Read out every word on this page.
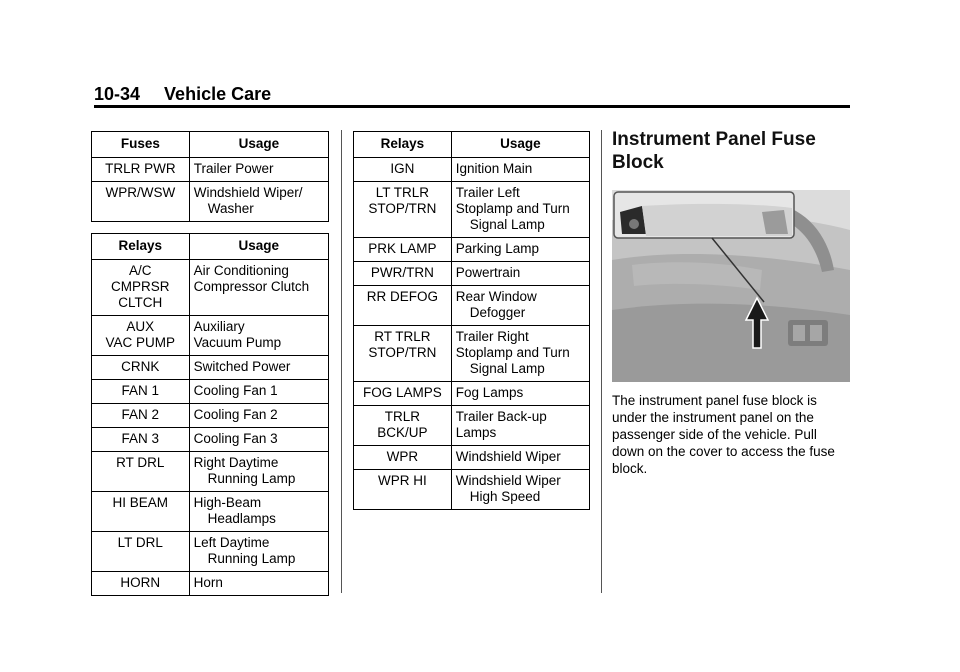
10-34 Vehicle Care
Fuses	Usage
TRLR PWR	Trailer Power

WPR/WSW	Windshield Wiper/
Washer
Relays	Usage
A/C
CMPRSR
CLTCH	Air Conditioning
Compressor Clutch

AUX
VAC PUMP	Auxiliary
Vacuum Pump

CRNK	Switched Power

FAN 1	Cooling Fan 1

FAN 2	Cooling Fan 2

FAN 3	Cooling Fan 3

RT DRL	Right Daytime
Running Lamp

HI BEAM	High-Beam
Headlamps

LT DRL	Left Daytime
Running Lamp

HORN	Horn
Relays	Usage
IGN	Ignition Main

LT TRLR
STOP/TRN	Trailer Left
Stoplamp and Turn
Signal Lamp

PRK LAMP	Parking Lamp

PWR/TRN	Powertrain

RR DEFOG	Rear Window
Defogger

RT TRLR
STOP/TRN	Trailer Right
Stoplamp and Turn
Signal Lamp

FOG LAMPS	Fog Lamps

TRLR
BCK/UP	Trailer Back-up
Lamps

WPR	Windshield Wiper

WPR HI	Windshield Wiper
High Speed
Instrument Panel Fuse Block
The instrument panel fuse block is under the instrument panel on the passenger side of the vehicle. Pull down on the cover to access the fuse block.
